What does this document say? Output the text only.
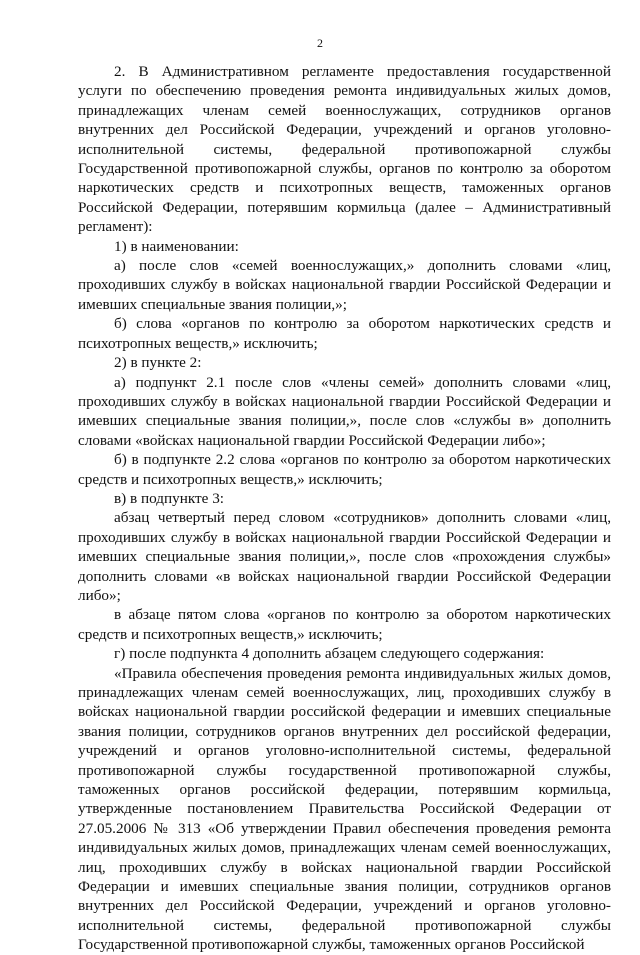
2

2. В Административном регламенте предоставления государственной услуги по обеспечению проведения ремонта индивидуальных жилых домов, принадлежащих членам семей военнослужащих, сотрудников органов внутренних дел Российской Федерации, учреждений и органов уголовно-исполнительной системы, федеральной противопожарной службы Государственной противопожарной службы, органов по контролю за оборотом наркотических средств и психотропных веществ, таможенных органов Российской Федерации, потерявшим кормильца (далее – Административный регламент):

1) в наименовании:

а) после слов «семей военнослужащих,» дополнить словами «лиц, проходивших службу в войсках национальной гвардии Российской Федерации и имевших специальные звания полиции,»;

б) слова «органов по контролю за оборотом наркотических средств и психотропных веществ,» исключить;

2) в пункте 2:

а) подпункт 2.1 после слов «члены семей» дополнить словами «лиц, проходивших службу в войсках национальной гвардии Российской Федерации и имевших специальные звания полиции,», после слов «службы в» дополнить словами «войсках национальной гвардии Российской Федерации либо»;

б) в подпункте 2.2 слова «органов по контролю за оборотом наркотических средств и психотропных веществ,» исключить;

в) в подпункте 3:

абзац четвертый перед словом «сотрудников» дополнить словами «лиц, проходивших службу в войсках национальной гвардии Российской Федерации и имевших специальные звания полиции,», после слов «прохождения службы» дополнить словами «в войсках национальной гвардии Российской Федерации либо»;

в абзаце пятом слова «органов по контролю за оборотом наркотических средств и психотропных веществ,» исключить;

г) после подпункта 4 дополнить абзацем следующего содержания:

«Правила обеспечения проведения ремонта индивидуальных жилых домов, принадлежащих членам семей военнослужащих, лиц, проходивших службу в войсках национальной гвардии российской федерации и имевших специальные звания полиции, сотрудников органов внутренних дел российской федерации, учреждений и органов уголовно-исполнительной системы, федеральной противопожарной службы государственной противопожарной службы, таможенных органов российской федерации, потерявшим кормильца, утвержденные постановлением Правительства Российской Федерации от 27.05.2006 № 313 «Об утверждении Правил обеспечения проведения ремонта индивидуальных жилых домов, принадлежащих членам семей военнослужащих, лиц, проходивших службу в войсках национальной гвардии Российской Федерации и имевших специальные звания полиции, сотрудников органов внутренних дел Российской Федерации, учреждений и органов уголовно-исполнительной системы, федеральной противопожарной службы Государственной противопожарной службы, таможенных органов Российской
